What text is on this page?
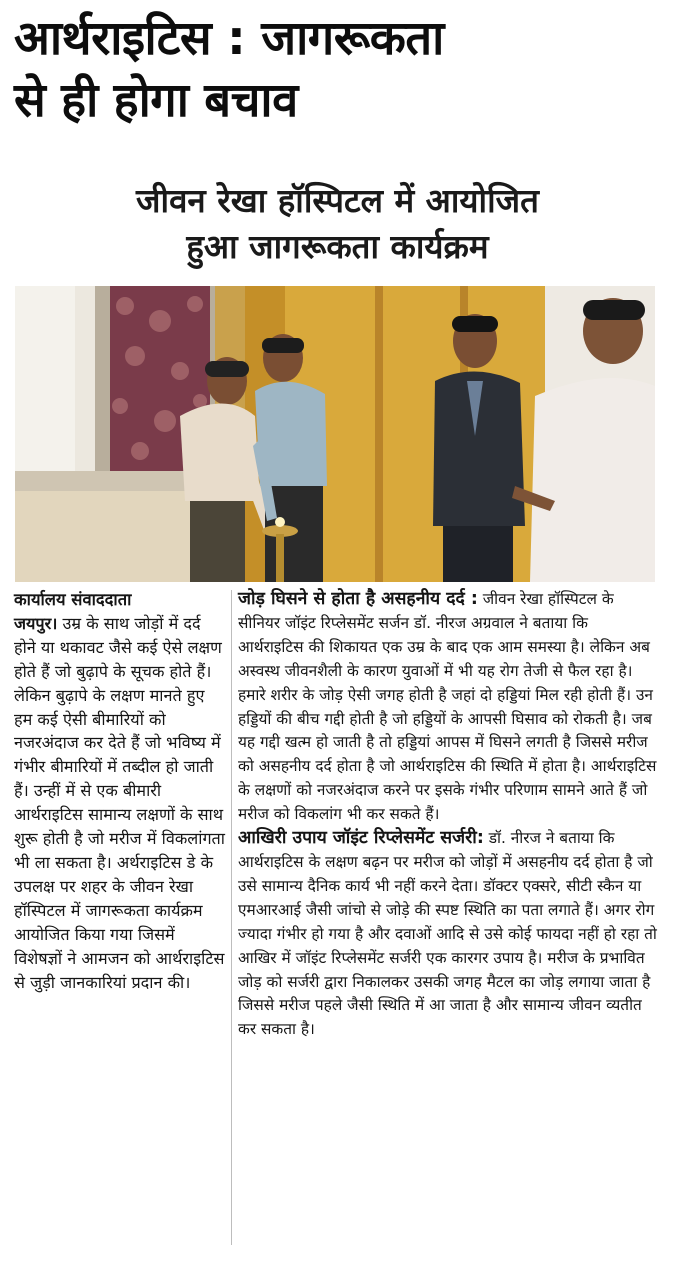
आर्थराइटिस : जागरूकता
से ही होगा बचाव
जीवन रेखा हॉस्पिटल में आयोजित
हुआ जागरूकता कार्यक्रम

कार्यालय संवाददाता

जयपुर। उम्र के साथ जोड़ों में दर्द होने या थकावट जैसे कई ऐसे लक्षण होते हैं जो बुढ़ापे के सूचक होते हैं। लेकिन बुढ़ापे के लक्षण मानते हुए हम कई ऐसी बीमारियों को नजरअंदाज कर देते हैं जो भविष्य में गंभीर बीमारियों में तब्दील हो जाती हैं। उन्हीं में से एक बीमारी आर्थराइटिस सामान्य लक्षणों के साथ शुरू होती है जो मरीज में विकलांगता भी ला सकता है। अर्थराइटिस डे के उपलक्ष पर शहर के जीवन रेखा हॉस्पिटल में जागरूकता कार्यक्रम आयोजित किया गया जिसमें विशेषज्ञों ने आमजन को आर्थराइटिस से जुड़ी जानकारियां प्रदान की।

जोड़ घिसने से होता है असहनीय दर्द : जीवन रेखा हॉस्पिटल के सीनियर जॉइंट रिप्लेसमेंट सर्जन डॉ. नीरज अग्रवाल ने बताया कि आर्थराइटिस की शिकायत एक उम्र के बाद एक आम समस्या है। लेकिन अब अस्वस्थ जीवनशैली के कारण युवाओं में भी यह रोग तेजी से फैल रहा है। हमारे शरीर के जोड़ ऐसी जगह होती है जहां दो हड्डियां मिल रही होती हैं। उन हड्डियों की बीच गद्दी होती है जो हड्डियों के आपसी घिसाव को रोकती है। जब यह गद्दी खत्म हो जाती है तो हड्डियां आपस में घिसने लगती है जिससे मरीज को असहनीय दर्द होता है जो आर्थराइटिस की स्थिति में होता है। आर्थराइटिस के लक्षणों को नजरअंदाज करने पर इसके गंभीर परिणाम सामने आते हैं जो मरीज को विकलांग भी कर सकते हैं।

आखिरी उपाय जॉइंट रिप्लेसमेंट सर्जरी: डॉ. नीरज ने बताया कि आर्थराइटिस के लक्षण बढ़न पर मरीज को जोड़ों में असहनीय दर्द होता है जो उसे सामान्य दैनिक कार्य भी नहीं करने देता। डॉक्टर एक्सरे, सीटी स्कैन या एमआरआई जैसी जांचो से जोड़े की स्पष्ट स्थिति का पता लगाते हैं। अगर रोग ज्यादा गंभीर हो गया है और दवाओं आदि से उसे कोई फायदा नहीं हो रहा तो आखिर में जॉइंट रिप्लेसमेंट सर्जरी एक कारगर उपाय है। मरीज के प्रभावित जोड़ को सर्जरी द्वारा निकालकर उसकी जगह मैटल का जोड़ लगाया जाता है जिससे मरीज पहले जैसी स्थिति में आ जाता है और सामान्य जीवन व्यतीत कर सकता है।
